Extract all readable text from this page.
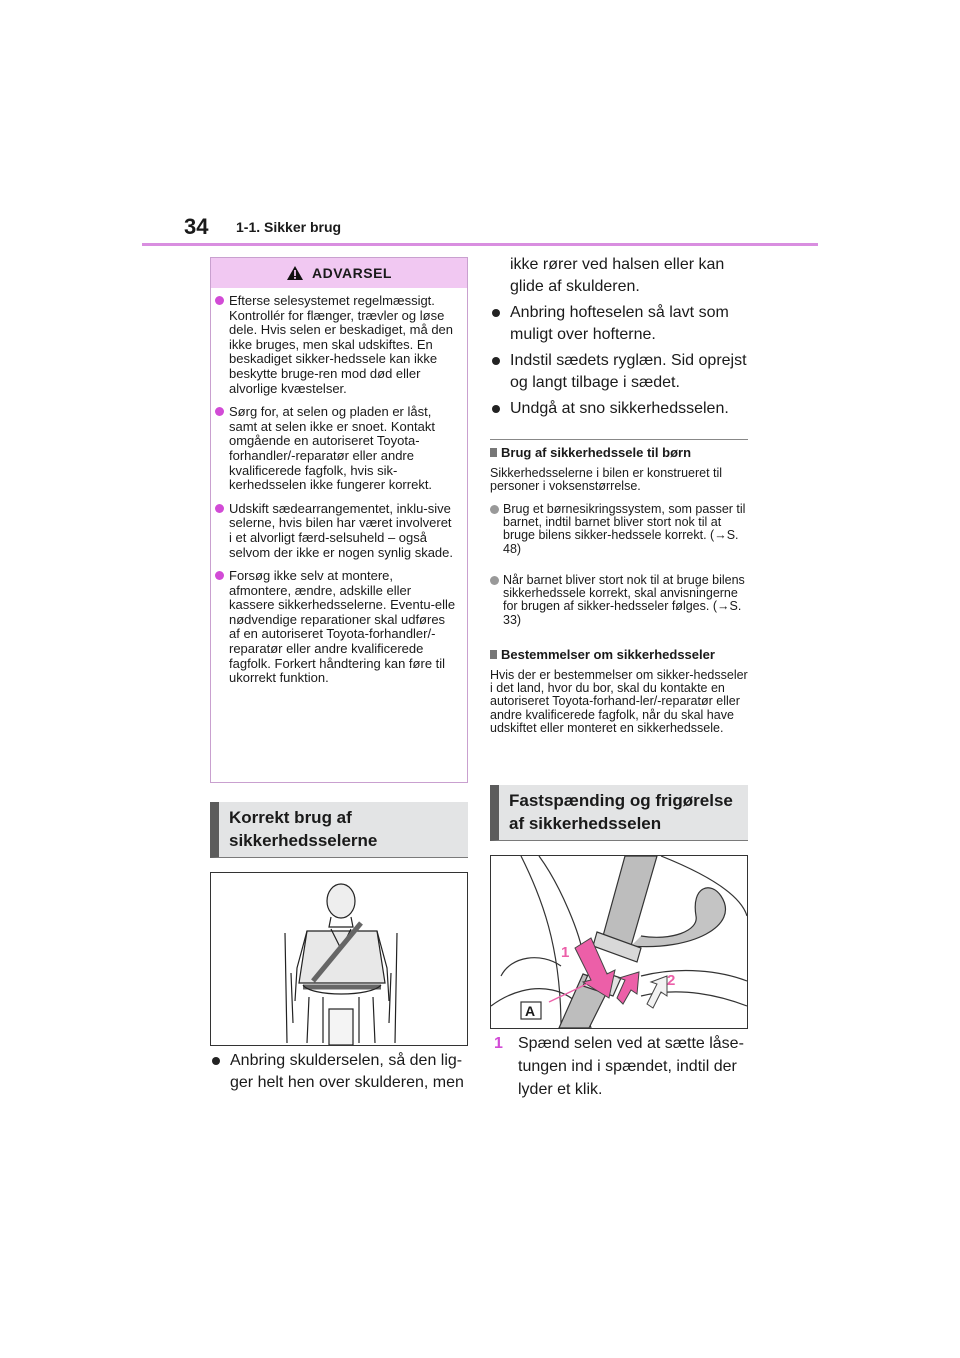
34 1-1. Sikker brug
ADVARSEL
Efterse selesystemet regelmæssigt. Kontrollér for flænger, trævler og løse dele. Hvis selen er beskadiget, må den ikke bruges, men skal udskiftes. En beskadiget sikker-hedssele kan ikke beskytte bruge-ren mod død eller alvorlige kvæstelser.
Sørg for, at selen og pladen er låst, samt at selen ikke er snoet. Kontakt omgående en autoriseret Toyota-forhandler/-reparatør eller andre kvalificerede fagfolk, hvis sik-kerhedsselen ikke fungerer korrekt.
Udskift sædearrangementet, inklu-sive selerne, hvis bilen har været involveret i et alvorligt færd-selsuheld – også selvom der ikke er nogen synlig skade.
Forsøg ikke selv at montere, afmontere, ændre, adskille eller kassere sikkerhedsselerne. Eventu-elle nødvendige reparationer skal udføres af en autoriseret Toyota-forhandler/-reparatør eller andre kvalificerede fagfolk. Forkert håndtering kan føre til ukorrekt funktion.
Korrekt brug af sikkerhedsselerne
Anbring skulderselen, så den lig-ger helt hen over skulderen, men
ikke rører ved halsen eller kan glide af skulderen.
Anbring hofteselen så lavt som muligt over hofterne.
Indstil sædets ryglæn. Sid oprejst og langt tilbage i sædet.
Undgå at sno sikkerhedsselen.
Brug af sikkerhedssele til børn
Sikkerhedsselerne i bilen er konstrueret til personer i voksenstørrelse.
Brug et børnesikringssystem, som passer til barnet, indtil barnet bliver stort nok til at bruge bilens sikker-hedssele korrekt. (→S. 48)
Når barnet bliver stort nok til at bruge bilens sikkerhedssele korrekt, skal anvisningerne for brugen af sikker-hedsseler følges. (→S. 33)
Bestemmelser om sikkerhedsseler
Hvis der er bestemmelser om sikker-hedsseler i det land, hvor du bor, skal du kontakte en autoriseret Toyota-forhand-ler/-reparatør eller andre kvalificerede fagfolk, når du skal have udskiftet eller monteret en sikkerhedssele.
Fastspænding og frigørelse af sikkerhedsselen
1
2
A
1 Spænd selen ved at sætte låse-tungen ind i spændet, indtil der lyder et klik.
